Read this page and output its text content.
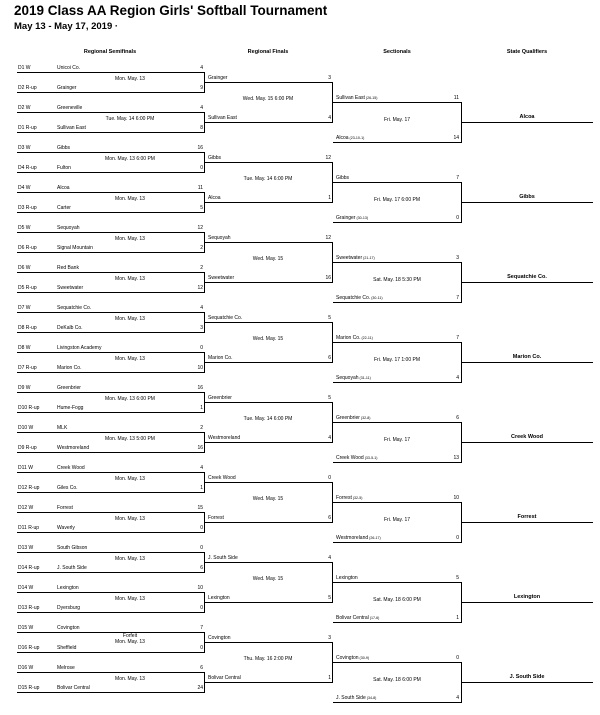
2019 Class AA Region Girls' Softball Tournament
May 13 - May 17, 2019 ·
Regional Semifinals	Regional Finals	Sectionals	State Qualifiers
D1 W	Unicoi Co.	4
D2 R-up	Grainger	9
Mon. May. 13
D2 W	Greeneville	4
D1 R-up	Sullivan East	8
Tue. May. 14 6:00 PM
D3 W	Gibbs	16
D4 R-up	Fulton	0
Mon. May. 13 6:00 PM
D4 W	Alcoa	11
D3 R-up	Carter	5
Mon. May. 13
D5 W	Sequoyah	12
D6 R-up	Signal Mountain	2
Mon. May. 13
D6 W	Red Bank	2
D5 R-up	Sweetwater	12
Mon. May. 13
D7 W	Sequatchie Co.	4
D8 R-up	DeKalb Co.	3
Mon. May. 13
D8 W	Livingston Academy	0
D7 R-up	Marion Co.	10
Mon. May. 13
D9 W	Greenbrier	16
D10 R-up	Hume-Fogg	1
Mon. May. 13 6:00 PM
D10 W	MLK	2
D9 R-up	Westmoreland	16
Mon. May. 13 5:00 PM
D11 W	Creek Wood	4
D12 R-up	Giles Co.	1
Mon. May. 13
D12 W	Forrest	15
D11 R-up	Waverly	0
Mon. May. 13
D13 W	South Gibson	0
D14 R-up	J. South Side	6
Mon. May. 13
D14 W	Lexington	10
D13 R-up	Dyersburg	0
Mon. May. 13
D15 W	Covington	7
D16 R-up	Sheffield	0
Forfeit
Mon. May. 13
D16 W	Melrose	6
D15 R-up	Bolivar Central	24
Mon. May. 13
Grainger	3
Sullivan East	4
Wed. May. 15 6:00 PM
Gibbs	12
Alcoa	1
Tue. May. 14 6:00 PM
Sequoyah	12
Sweetwater	16
Wed. May. 15
Sequatchie Co.	5
Marion Co.	6
Wed. May. 15
Greenbrier	5
Westmoreland	4
Tue. May. 14 6:00 PM
Creek Wood	0
Forrest	6
Wed. May. 15
J. South Side	4
Lexington	5
Wed. May. 15
Covington	3
Bolivar Central	1
Thu. May. 16 2:00 PM
Sullivan East (26-15)	11
Alcoa (23-10-1)	14
Fri. May. 17
Gibbs	7
Grainger (30-13)	0
Fri. May. 17 6:00 PM
Sweetwater (21-17)	3
Sequatchie Co. (30-11)	7
Sat. May. 18 5:30 PM
Marion Co. (22-11)	7
Sequoyah (31-11)	4
Fri. May. 17 1:00 PM
Greenbrier (32-8)	6
Creek Wood (33-5-1)	13
Fri. May. 17
Forrest (32-5)	10
Westmoreland (26-17)	0
Fri. May. 17
Lexington	5
Bolivar Central (17-6)	1
Sat. May. 18 6:00 PM
Covington (30-9)	0
J. South Side (34-8)	4
Sat. May. 18 6:00 PM
Alcoa
Gibbs
Sequatchie Co.
Marion Co.
Creek Wood
Forrest
Lexington
J. South Side
